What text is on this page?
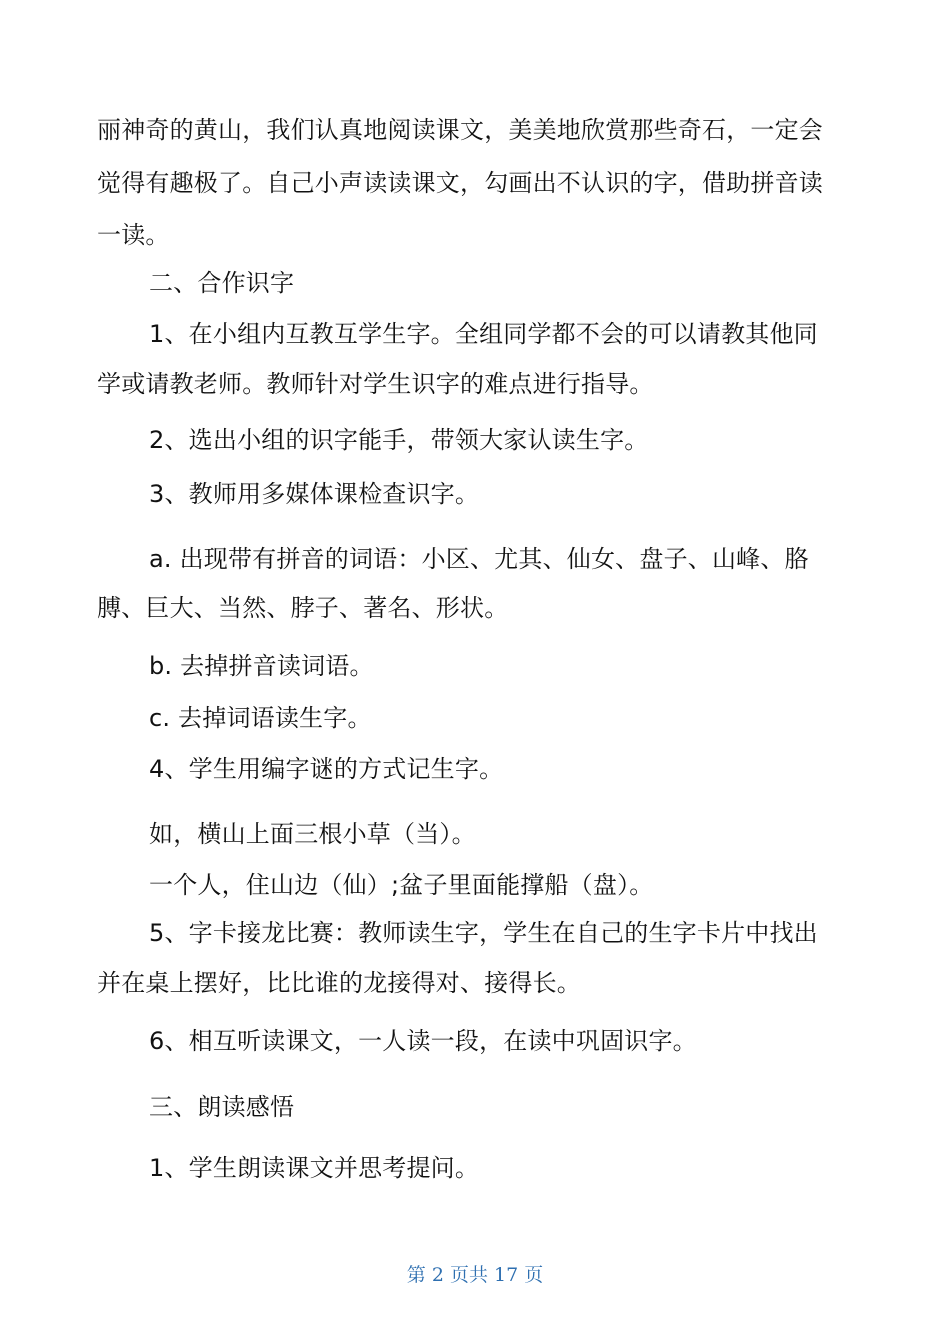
丽神奇的黄山，我们认真地阅读课文，美美地欣赏那些奇石，一定会
觉得有趣极了。自己小声读读课文，勾画出不认识的字，借助拼音读
一读。
二、合作识字
1、在小组内互教互学生字。全组同学都不会的可以请教其他同
学或请教老师。教师针对学生识字的难点进行指导。
2、选出小组的识字能手，带领大家认读生字。
3、教师用多媒体课检查识字。
a. 出现带有拼音的词语：小区、尤其、仙女、盘子、山峰、胳
膊、巨大、当然、脖子、著名、形状。
b. 去掉拼音读词语。
c. 去掉词语读生字。
4、学生用编字谜的方式记生字。
如，横山上面三根小草（当）。
一个人，住山边（仙）;盆子里面能撑船（盘）。
5、字卡接龙比赛：教师读生字，学生在自己的生字卡片中找出
并在桌上摆好，比比谁的龙接得对、接得长。
6、相互听读课文，一人读一段，在读中巩固识字。
三、朗读感悟
1、学生朗读课文并思考提问。
第 2 页共 17 页
